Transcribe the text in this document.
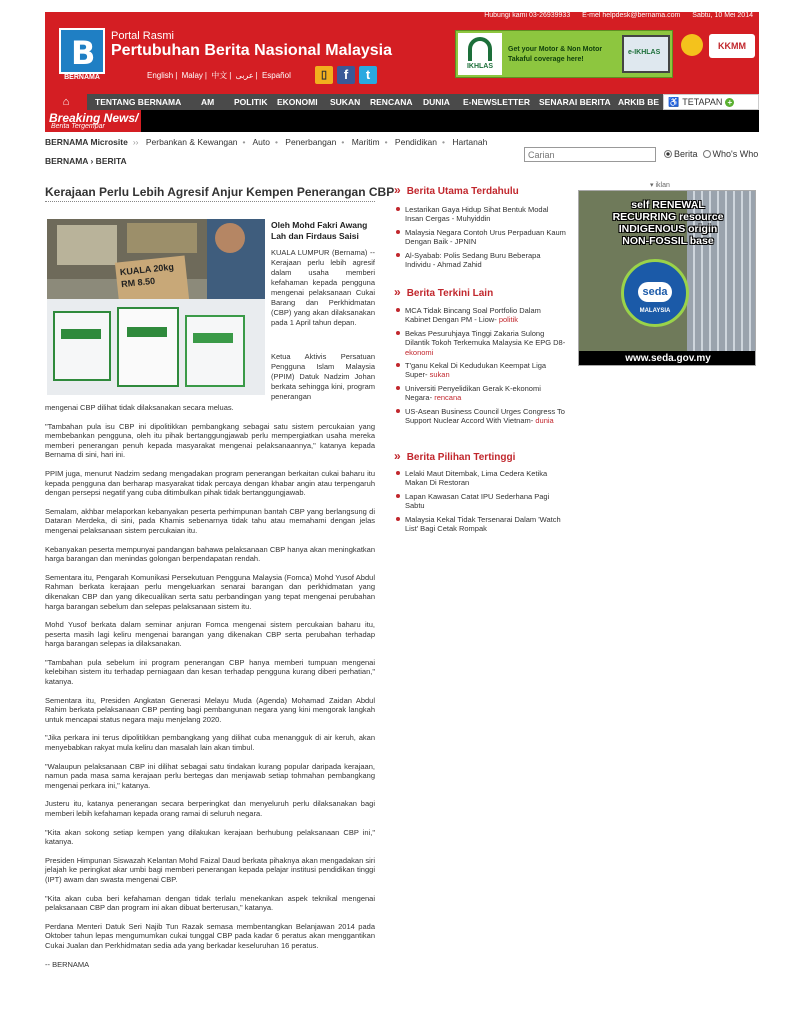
Hubungi kami 03-26939933 E-mel helpdesk@bernama.com Sabtu, 10 Mei 2014
B
BERNAMA
Portal Rasmi
Pertubuhan Berita Nasional Malaysia
English | Malay | 中文 | عربى | Español	▯	f	t
IKHLAS
Get your Motor & Non Motor Takaful coverage here!
e-IKHLAS
KKMM
⌂	TENTANG BERNAMA AM POLITIK EKONOMI SUKAN RENCANA DUNIA E-NEWSLETTER SENARAI BERITA ARKIB BE ♿ TETAPAN +
Breaking News/
Berita Tergempar
BERNAMA Microsite ›› Perbankan & Kewangan • Auto • Penerbangan • Maritim • Pendidikan • Hartanah
BERNAMA › BERITA
Carian
Berita Who's Who
Kerajaan Perlu Lebih Agresif Anjur Kempen Penerangan CBP
KUALA 20kg RM 8.50
Oleh Mohd Fakri Awang Lah dan Firdaus Saisi
KUALA LUMPUR (Bernama) -- Kerajaan perlu lebih agresif dalam usaha memberi kefahaman kepada pengguna mengenai pelaksanaan Cukai Barang dan Perkhidmatan (CBP) yang akan dilaksanakan pada 1 April tahun depan.
Ketua Aktivis Persatuan Pengguna Islam Malaysia (PPIM) Datuk Nadzim Johan berkata sehingga kini, program penerangan

mengenai CBP dilihat tidak dilaksanakan secara meluas.

"Tambahan pula isu CBP ini dipolitikkan pembangkang sebagai satu sistem percukaian yang membebankan pengguna, oleh itu pihak bertanggungjawab perlu mempergiatkan usaha mereka memberi penerangan penuh kepada masyarakat mengenai pelaksanaannya," katanya kepada Bernama di sini, hari ini.

PPIM juga, menurut Nadzim sedang mengadakan program penerangan berkaitan cukai baharu itu kepada pengguna dan berharap masyarakat tidak percaya dengan khabar angin atau terpengaruh dengan persepsi negatif yang cuba ditimbulkan pihak tidak bertanggungjawab.

Semalam, akhbar melaporkan kebanyakan peserta perhimpunan bantah CBP yang berlangsung di Dataran Merdeka, di sini, pada Khamis sebenarnya tidak tahu atau memahami dengan jelas mengenai pelaksanaan sistem percukaian itu.

Kebanyakan peserta mempunyai pandangan bahawa pelaksanaan CBP hanya akan meningkatkan harga barangan dan menindas golongan berpendapatan rendah.

Sementara itu, Pengarah Komunikasi Persekutuan Pengguna Malaysia (Fomca) Mohd Yusof Abdul Rahman berkata kerajaan perlu mengeluarkan senarai barangan dan perkhidmatan yang dikenakan CBP dan yang dikecualikan serta satu perbandingan yang tepat mengenai perubahan harga barangan sebelum dan selepas pelaksanaan sistem itu.

Mohd Yusof berkata dalam seminar anjuran Fomca mengenai sistem percukaian baharu itu, peserta masih lagi keliru mengenai barangan yang dikenakan CBP serta perubahan terhadap harga barangan selepas ia dilaksanakan.

"Tambahan pula sebelum ini program penerangan CBP hanya memberi tumpuan mengenai kelebihan sistem itu terhadap perniagaan dan kesan terhadap pengguna kurang diberi perhatian," katanya.

Sementara itu, Presiden Angkatan Generasi Melayu Muda (Agenda) Mohamad Zaidan Abdul Rahim berkata pelaksanaan CBP penting bagi pembangunan negara yang kini mengorak langkah untuk mencapai status negara maju menjelang 2020.

"Jika perkara ini terus dipolitikkan pembangkang yang dilihat cuba menangguk di air keruh, akan menyebabkan rakyat mula keliru dan masalah lain akan timbul.

"Walaupun pelaksanaan CBP ini dilihat sebagai satu tindakan kurang popular daripada kerajaan, namun pada masa sama kerajaan perlu bertegas dan menjawab setiap tohmahan pembangkang mengenai perkara ini," katanya.

Justeru itu, katanya penerangan secara berperingkat dan menyeluruh perlu dilaksanakan bagi memberi lebih kefahaman kepada orang ramai di seluruh negara.

"Kita akan sokong setiap kempen yang dilakukan kerajaan berhubung pelaksanaan CBP ini," katanya.

Presiden Himpunan Siswazah Kelantan Mohd Faizal Daud berkata pihaknya akan mengadakan siri jelajah ke peringkat akar umbi bagi memberi penerangan kepada pelajar institusi pendidikan tinggi (IPT) awam dan swasta mengenai CBP.

"Kita akan cuba beri kefahaman dengan tidak terlalu menekankan aspek teknikal mengenai pelaksanaan CBP dan program ini akan dibuat berterusan," katanya.

Perdana Menteri Datuk Seri Najib Tun Razak semasa membentangkan Belanjawan 2014 pada Oktober tahun lepas mengumumkan cukai tunggal CBP pada kadar 6 peratus akan menggantikan Cukai Jualan dan Perkhidmatan sedia ada yang berkadar keseluruhan 16 peratus.

-- BERNAMA

» Berita Utama Terdahulu
Lestarikan Gaya Hidup Sihat Bentuk Modal Insan Cergas - Muhyiddin
Malaysia Negara Contoh Urus Perpaduan Kaum Dengan Baik - JPNIN
Al-Syabab: Polis Sedang Buru Beberapa Individu - Ahmad Zahid
» Berita Terkini Lain
MCA Tidak Bincang Soal Portfolio Dalam Kabinet Dengan PM - Liow- politik
Bekas Pesuruhjaya Tinggi Zakaria Sulong Dilantik Tokoh Terkemuka Malaysia Ke EPG D8- ekonomi
T'ganu Kekal Di Kedudukan Keempat Liga Super- sukan
Universiti Penyelidikan Gerak K-ekonomi Negara- rencana
US-Asean Business Council Urges Congress To Support Nuclear Accord With Vietnam- dunia
» Berita Pilihan Tertinggi
Lelaki Maut Ditembak, Lima Cedera Ketika Makan Di Restoran
Lapan Kawasan Catat IPU Sederhana Pagi Sabtu
Malaysia Kekal Tidak Tersenarai Dalam 'Watch List' Bagi Cetak Rompak
▾ iklan
self RENEWAL
RECURRING resource
INDIGENOUS origin
NON-FOSSIL base
seda
MALAYSIA
www.seda.gov.my
